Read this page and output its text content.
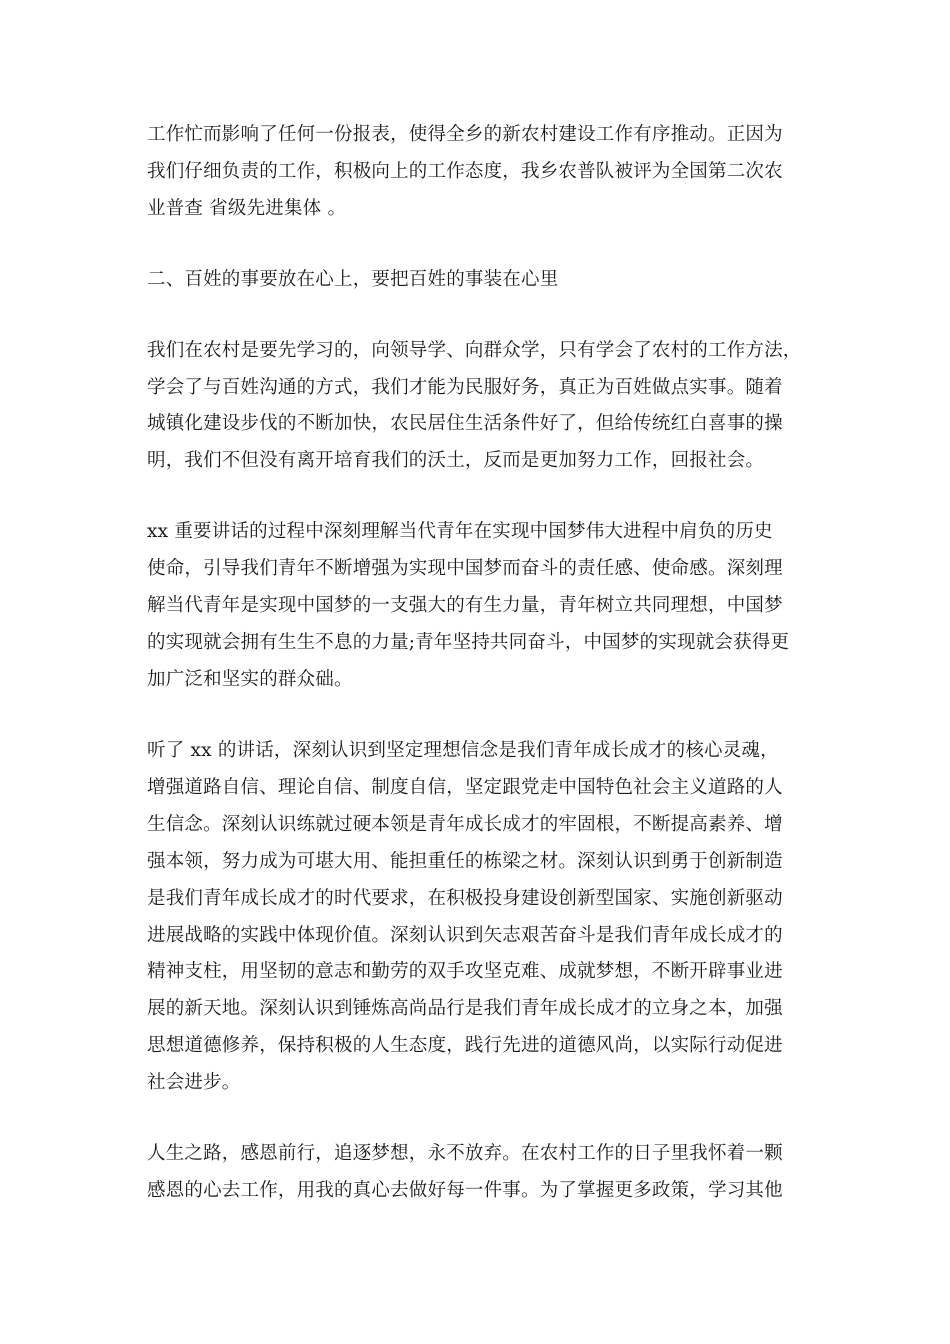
工作忙而影响了任何一份报表，使得全乡的新农村建设工作有序推动。正因为
我们仔细负责的工作，积极向上的工作态度，我乡农普队被评为全国第二次农
业普查 省级先进集体 。
二、百姓的事要放在心上，要把百姓的事装在心里
我们在农村是要先学习的，向领导学、向群众学，只有学会了农村的工作方法，
学会了与百姓沟通的方式，我们才能为民服好务，真正为百姓做点实事。随着
城镇化建设步伐的不断加快，农民居住生活条件好了，但给传统红白喜事的操
明，我们不但没有离开培育我们的沃土，反而是更加努力工作，回报社会。
xx 重要讲话的过程中深刻理解当代青年在实现中国梦伟大进程中肩负的历史
使命，引导我们青年不断增强为实现中国梦而奋斗的责任感、使命感。深刻理
解当代青年是实现中国梦的一支强大的有生力量，青年树立共同理想，中国梦
的实现就会拥有生生不息的力量;青年坚持共同奋斗，中国梦的实现就会获得更
加广泛和坚实的群众础。
听了 xx 的讲话，深刻认识到坚定理想信念是我们青年成长成才的核心灵魂，
增强道路自信、理论自信、制度自信，坚定跟党走中国特色社会主义道路的人
生信念。深刻认识练就过硬本领是青年成长成才的牢固根，不断提高素养、增
强本领，努力成为可堪大用、能担重任的栋梁之材。深刻认识到勇于创新制造
是我们青年成长成才的时代要求，在积极投身建设创新型国家、实施创新驱动
进展战略的实践中体现价值。深刻认识到矢志艰苦奋斗是我们青年成长成才的
精神支柱，用坚韧的意志和勤劳的双手攻坚克难、成就梦想，不断开辟事业进
展的新天地。深刻认识到锤炼高尚品行是我们青年成长成才的立身之本，加强
思想道德修养，保持积极的人生态度，践行先进的道德风尚，以实际行动促进
社会进步。
人生之路，感恩前行，追逐梦想，永不放弃。在农村工作的日子里我怀着一颗
感恩的心去工作，用我的真心去做好每一件事。为了掌握更多政策，学习其他
